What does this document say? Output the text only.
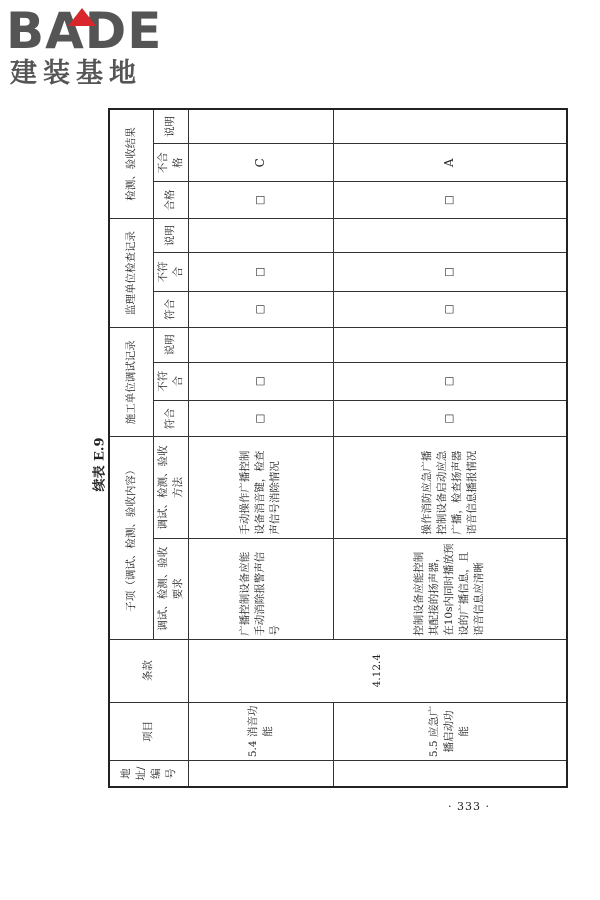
BADE
建装基地
续表 E.9
地址/编号	项目	条款	子项（调试、检测、验收内容）		施工单位调试记录			监理单位检查记录			检测、验收结果		
			调试、检测、验收要求	调试、检测、验收方法	符合	不符合	说明	符合	不符合	说明	合格	不合格	说明
	5.4 消音功能	4.12.4	广播控制设备应能手动消除报警声信号	手动操作广播控制设备消音键，检查声信号消除情况	□	□		□	□		□	C	
	5.5 应急广播启动功能		控制设备应能控制其配接的扬声器，在10s内同时播放预设的广播信息，且语音信息应清晰	操作消防应急广播控制设备启动应急广播，检查扬声器语音信息播报情况	□	□		□	□		□	A	
· 333 ·
